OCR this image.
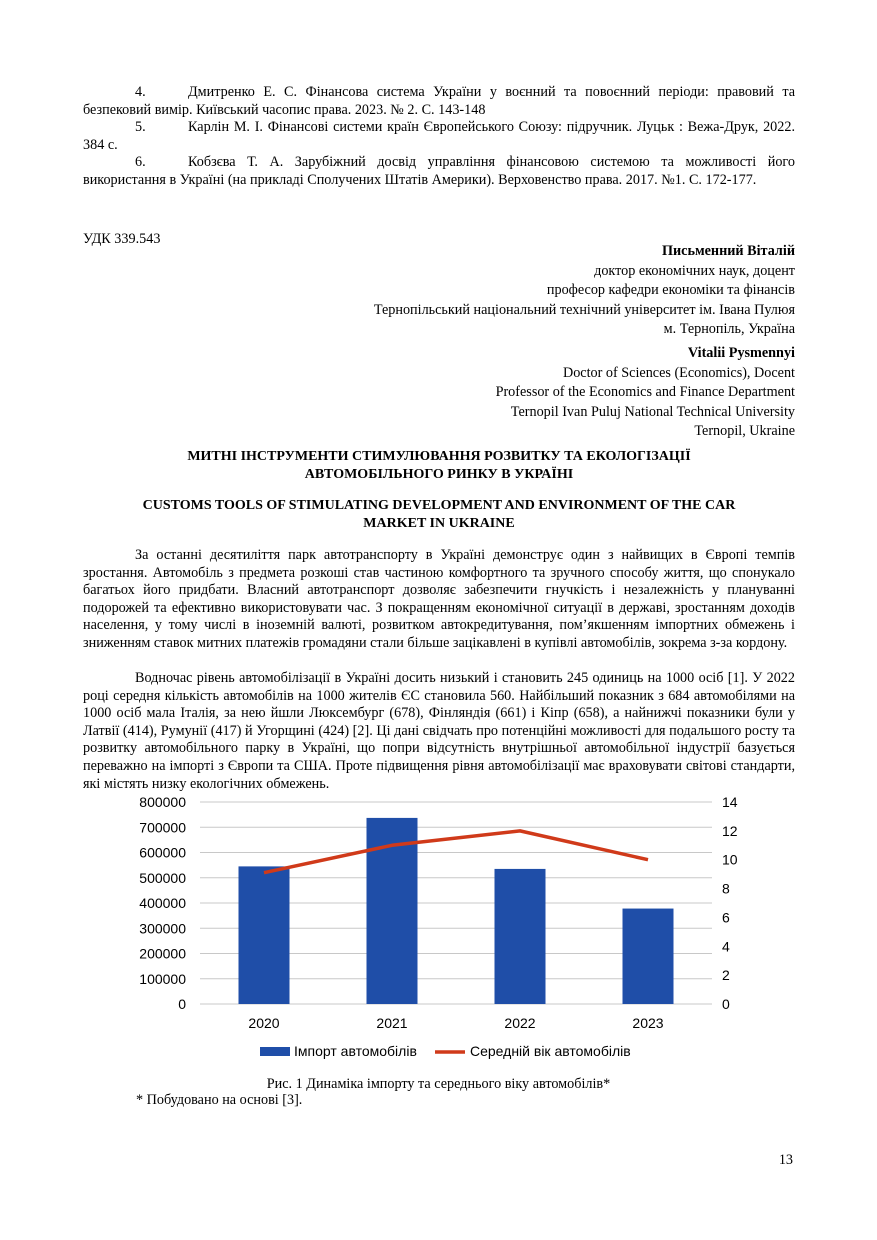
4.	Дмитренко Е. С. Фінансова система України у воєнний та повоєнний періоди: правовий та безпековий вимір. Київський часопис права. 2023. № 2. С. 143-148
5.	Карлін М. І. Фінансові системи країн Європейського Союзу: підручник. Луцьк : Вежа-Друк, 2022. 384 с.
6.	Кобзєва Т. А. Зарубіжний досвід управління фінансовою системою та можливості його використання в Україні (на прикладі Сполучених Штатів Америки). Верховенство права. 2017. №1. С. 172-177.
УДК 339.543
Письменний Віталій
доктор економічних наук, доцент
професор кафедри економіки та фінансів
Тернопільський національний технічний університет ім. Івана Пулюя
м. Тернопіль, Україна
Vitalii Pysmennyi
Doctor of Sciences (Economics), Docent
Professor of the Economics and Finance Department
Ternopil Ivan Puluj National Technical University
Ternopil, Ukraine
МИТНІ ІНСТРУМЕНТИ СТИМУЛЮВАННЯ РОЗВИТКУ ТА ЕКОЛОГІЗАЦІЇ АВТОМОБІЛЬНОГО РИНКУ В УКРАЇНІ
CUSTOMS TOOLS OF STIMULATING DEVELOPMENT AND ENVIRONMENT OF THE CAR MARKET IN UKRAINE
За останні десятиліття парк автотранспорту в Україні демонструє один з найвищих в Європі темпів зростання. Автомобіль з предмета розкоші став частиною комфортного та зручного способу життя, що спонукало багатьох його придбати. Власний автотранспорт дозволяє забезпечити гнучкість і незалежність у плануванні подорожей та ефективно використовувати час. З покращенням економічної ситуації в державі, зростанням доходів населення, у тому числі в іноземній валюті, розвитком автокредитування, пом’якшенням імпортних обмежень і зниженням ставок митних платежів громадяни стали більше зацікавлені в купівлі автомобілів, зокрема з-за кордону.
Водночас рівень автомобілізації в Україні досить низький і становить 245 одиниць на 1000 осіб [1]. У 2022 році середня кількість автомобілів на 1000 жителів ЄС становила 560. Найбільший показник з 684 автомобілями на 1000 осіб мала Італія, за нею йшли Люксембург (678), Фінляндія (661) і Кіпр (658), а найнижчі показники були у Латвії (414), Румунії (417) й Угорщині (424) [2]. Ці дані свідчать про потенційні можливості для подальшого росту та розвитку автомобільного парку в Україні, що попри відсутність внутрішньої автомобільної індустрії базується переважно на імпорті з Європи та США. Проте підвищення рівня автомобілізації має враховувати світові стандарти, які містять низку екологічних обмежень.
0
100000
200000
300000
400000
500000
600000
700000
800000
0
2
4
6
8
10
12
14
2020	2021	2022	2023
Імпорт автомобілів	Середній вік автомобілів
Рис. 1 Динаміка імпорту та середнього віку автомобілів*
* Побудовано на основі [3].
13
